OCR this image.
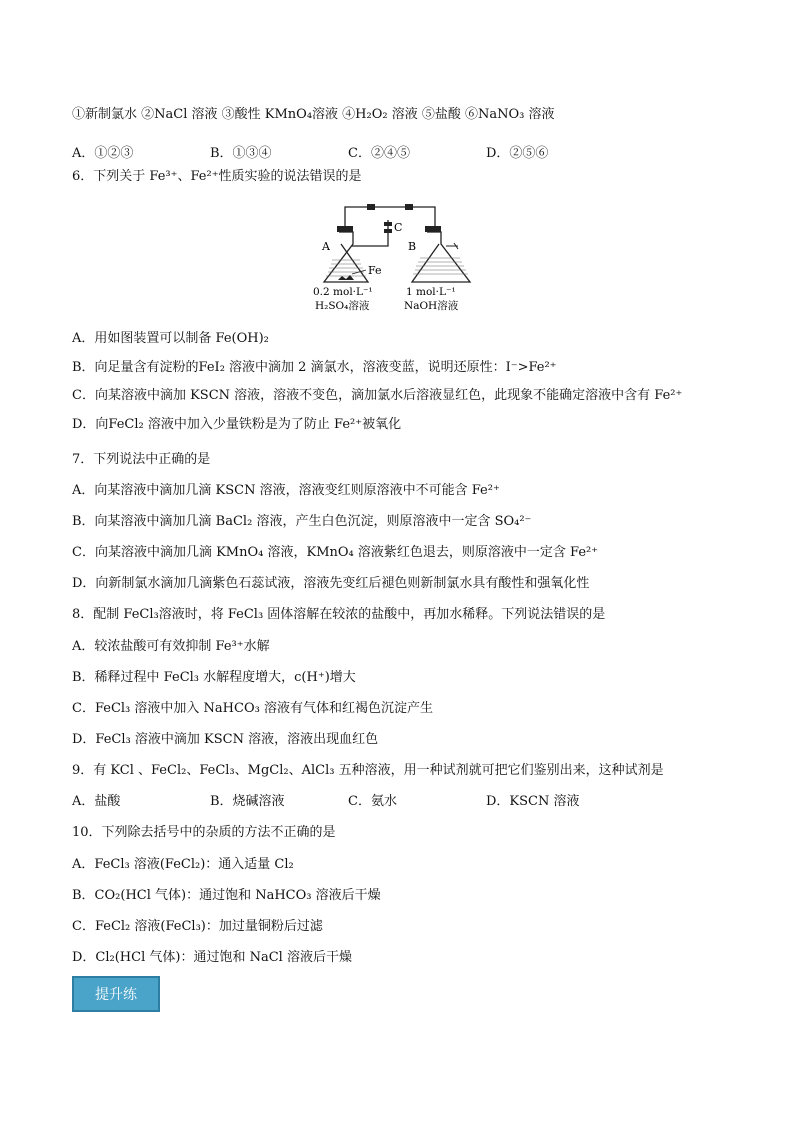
①新制氯水 ②NaCl 溶液 ③酸性 KMnO₄溶液 ④H₂O₂ 溶液 ⑤盐酸 ⑥NaNO₃ 溶液
A．①②③	B．①③④	C．②④⑤	D．②⑤⑥
6．下列关于 Fe³⁺、Fe²⁺性质实验的说法错误的是
A	B
C
Fe
0.2 mol·L⁻¹
H₂SO₄溶液
1 mol·L⁻¹
NaOH溶液
A．用如图装置可以制备 Fe(OH)₂
B．向足量含有淀粉的FeI₂ 溶液中滴加 2 滴氯水，溶液变蓝，说明还原性：I⁻>Fe²⁺
C．向某溶液中滴加 KSCN 溶液，溶液不变色，滴加氯水后溶液显红色，此现象不能确定溶液中含有 Fe²⁺
D．向FeCl₂ 溶液中加入少量铁粉是为了防止 Fe²⁺被氧化
7．下列说法中正确的是
A．向某溶液中滴加几滴 KSCN 溶液，溶液变红则原溶液中不可能含 Fe²⁺
B．向某溶液中滴加几滴 BaCl₂ 溶液，产生白色沉淀，则原溶液中一定含 SO₄²⁻
C．向某溶液中滴加几滴 KMnO₄ 溶液，KMnO₄ 溶液紫红色退去，则原溶液中一定含 Fe²⁺
D．向新制氯水滴加几滴紫色石蕊试液，溶液先变红后褪色则新制氯水具有酸性和强氧化性
8．配制 FeCl₃溶液时，将 FeCl₃ 固体溶解在较浓的盐酸中，再加水稀释。下列说法错误的是
A．较浓盐酸可有效抑制 Fe³⁺水解
B．稀释过程中 FeCl₃ 水解程度增大，c(H⁺)增大
C．FeCl₃ 溶液中加入 NaHCO₃ 溶液有气体和红褐色沉淀产生
D．FeCl₃ 溶液中滴加 KSCN 溶液，溶液出现血红色
9．有 KCl 、FeCl₂、FeCl₃、MgCl₂、AlCl₃ 五种溶液，用一种试剂就可把它们鉴别出来，这种试剂是
A．盐酸	B．烧碱溶液	C．氨水	D．KSCN 溶液
10．下列除去括号中的杂质的方法不正确的是
A．FeCl₃ 溶液(FeCl₂)：通入适量 Cl₂
B．CO₂(HCl 气体)：通过饱和 NaHCO₃ 溶液后干燥
C．FeCl₂ 溶液(FeCl₃)：加过量铜粉后过滤
D．Cl₂(HCl 气体)：通过饱和 NaCl 溶液后干燥
提升练
